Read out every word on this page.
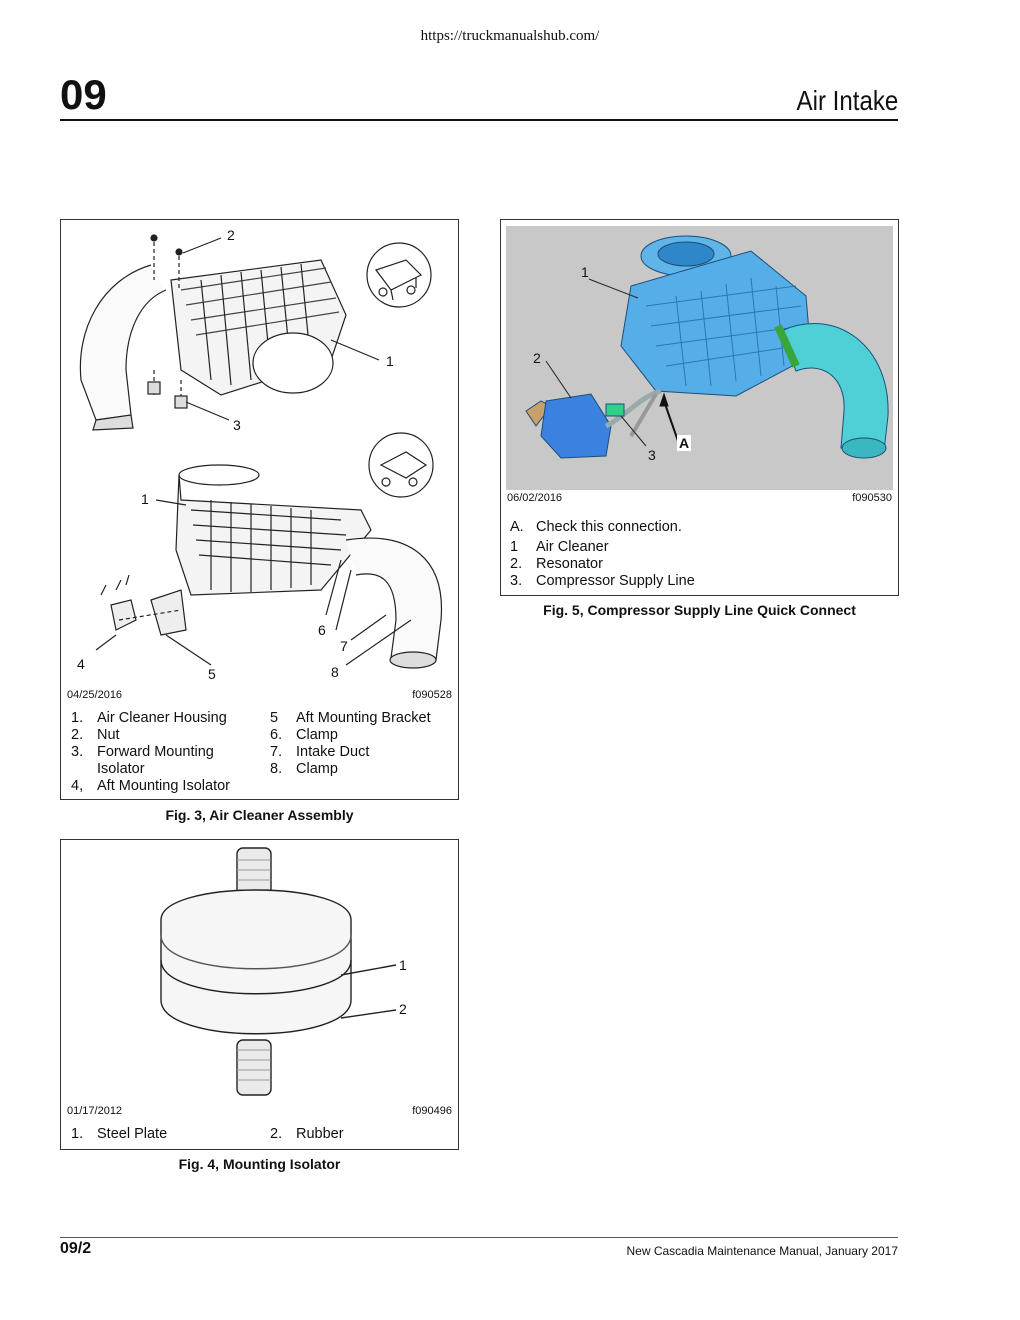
https://truckmanualshub.com/
09	Air Intake
2
1
3
1
6
7
4
5	8
04/25/2016	f090528
1. Air Cleaner Housing
2. Nut
3. Forward Mounting
Isolator
4, Aft Mounting Isolator
5 Aft Mounting Bracket
6. Clamp
7. Intake Duct
8. Clamp
Fig. 3, Air Cleaner Assembly
1
2
01/17/2012	f090496
1. Steel Plate	2. Rubber
Fig. 4, Mounting Isolator
1
2
3
A
06/02/2016	f090530
A. Check this connection.
1 Air Cleaner
2. Resonator
3. Compressor Supply Line
Fig. 5, Compressor Supply Line Quick Connect
09/2	New Cascadia Maintenance Manual, January 2017
